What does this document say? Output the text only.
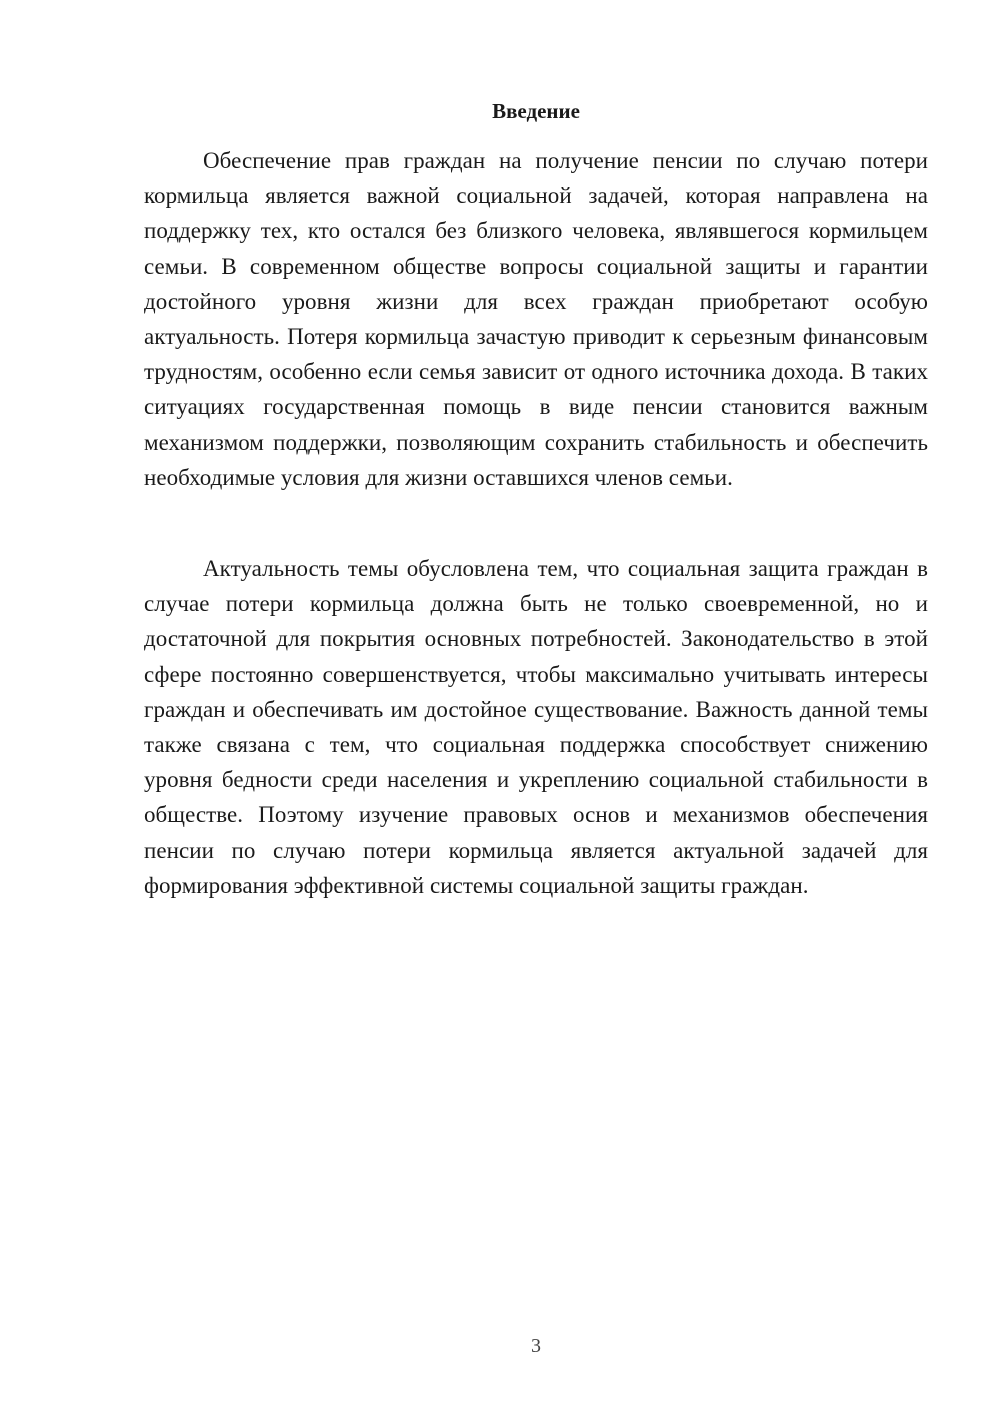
Введение

Обеспечение прав граждан на получение пенсии по случаю потери кормильца является важной социальной задачей, которая направлена на поддержку тех, кто остался без близкого человека, являвшегося кормильцем семьи. В современном обществе вопросы социальной защиты и гарантии достойного уровня жизни для всех граждан приобретают особую актуальность. Потеря кормильца зачастую приводит к серьезным финансовым трудностям, особенно если семья зависит от одного источника дохода. В таких ситуациях государственная помощь в виде пенсии становится важным механизмом поддержки, позволяющим сохранить стабильность и обеспечить необходимые условия для жизни оставшихся членов семьи.

Актуальность темы обусловлена тем, что социальная защита граждан в случае потери кормильца должна быть не только своевременной, но и достаточной для покрытия основных потребностей. Законодательство в этой сфере постоянно совершенствуется, чтобы максимально учитывать интересы граждан и обеспечивать им достойное существование. Важность данной темы также связана с тем, что социальная поддержка способствует снижению уровня бедности среди населения и укреплению социальной стабильности в обществе. Поэтому изучение правовых основ и механизмов обеспечения пенсии по случаю потери кормильца является актуальной задачей для формирования эффективной системы социальной защиты граждан.

3
